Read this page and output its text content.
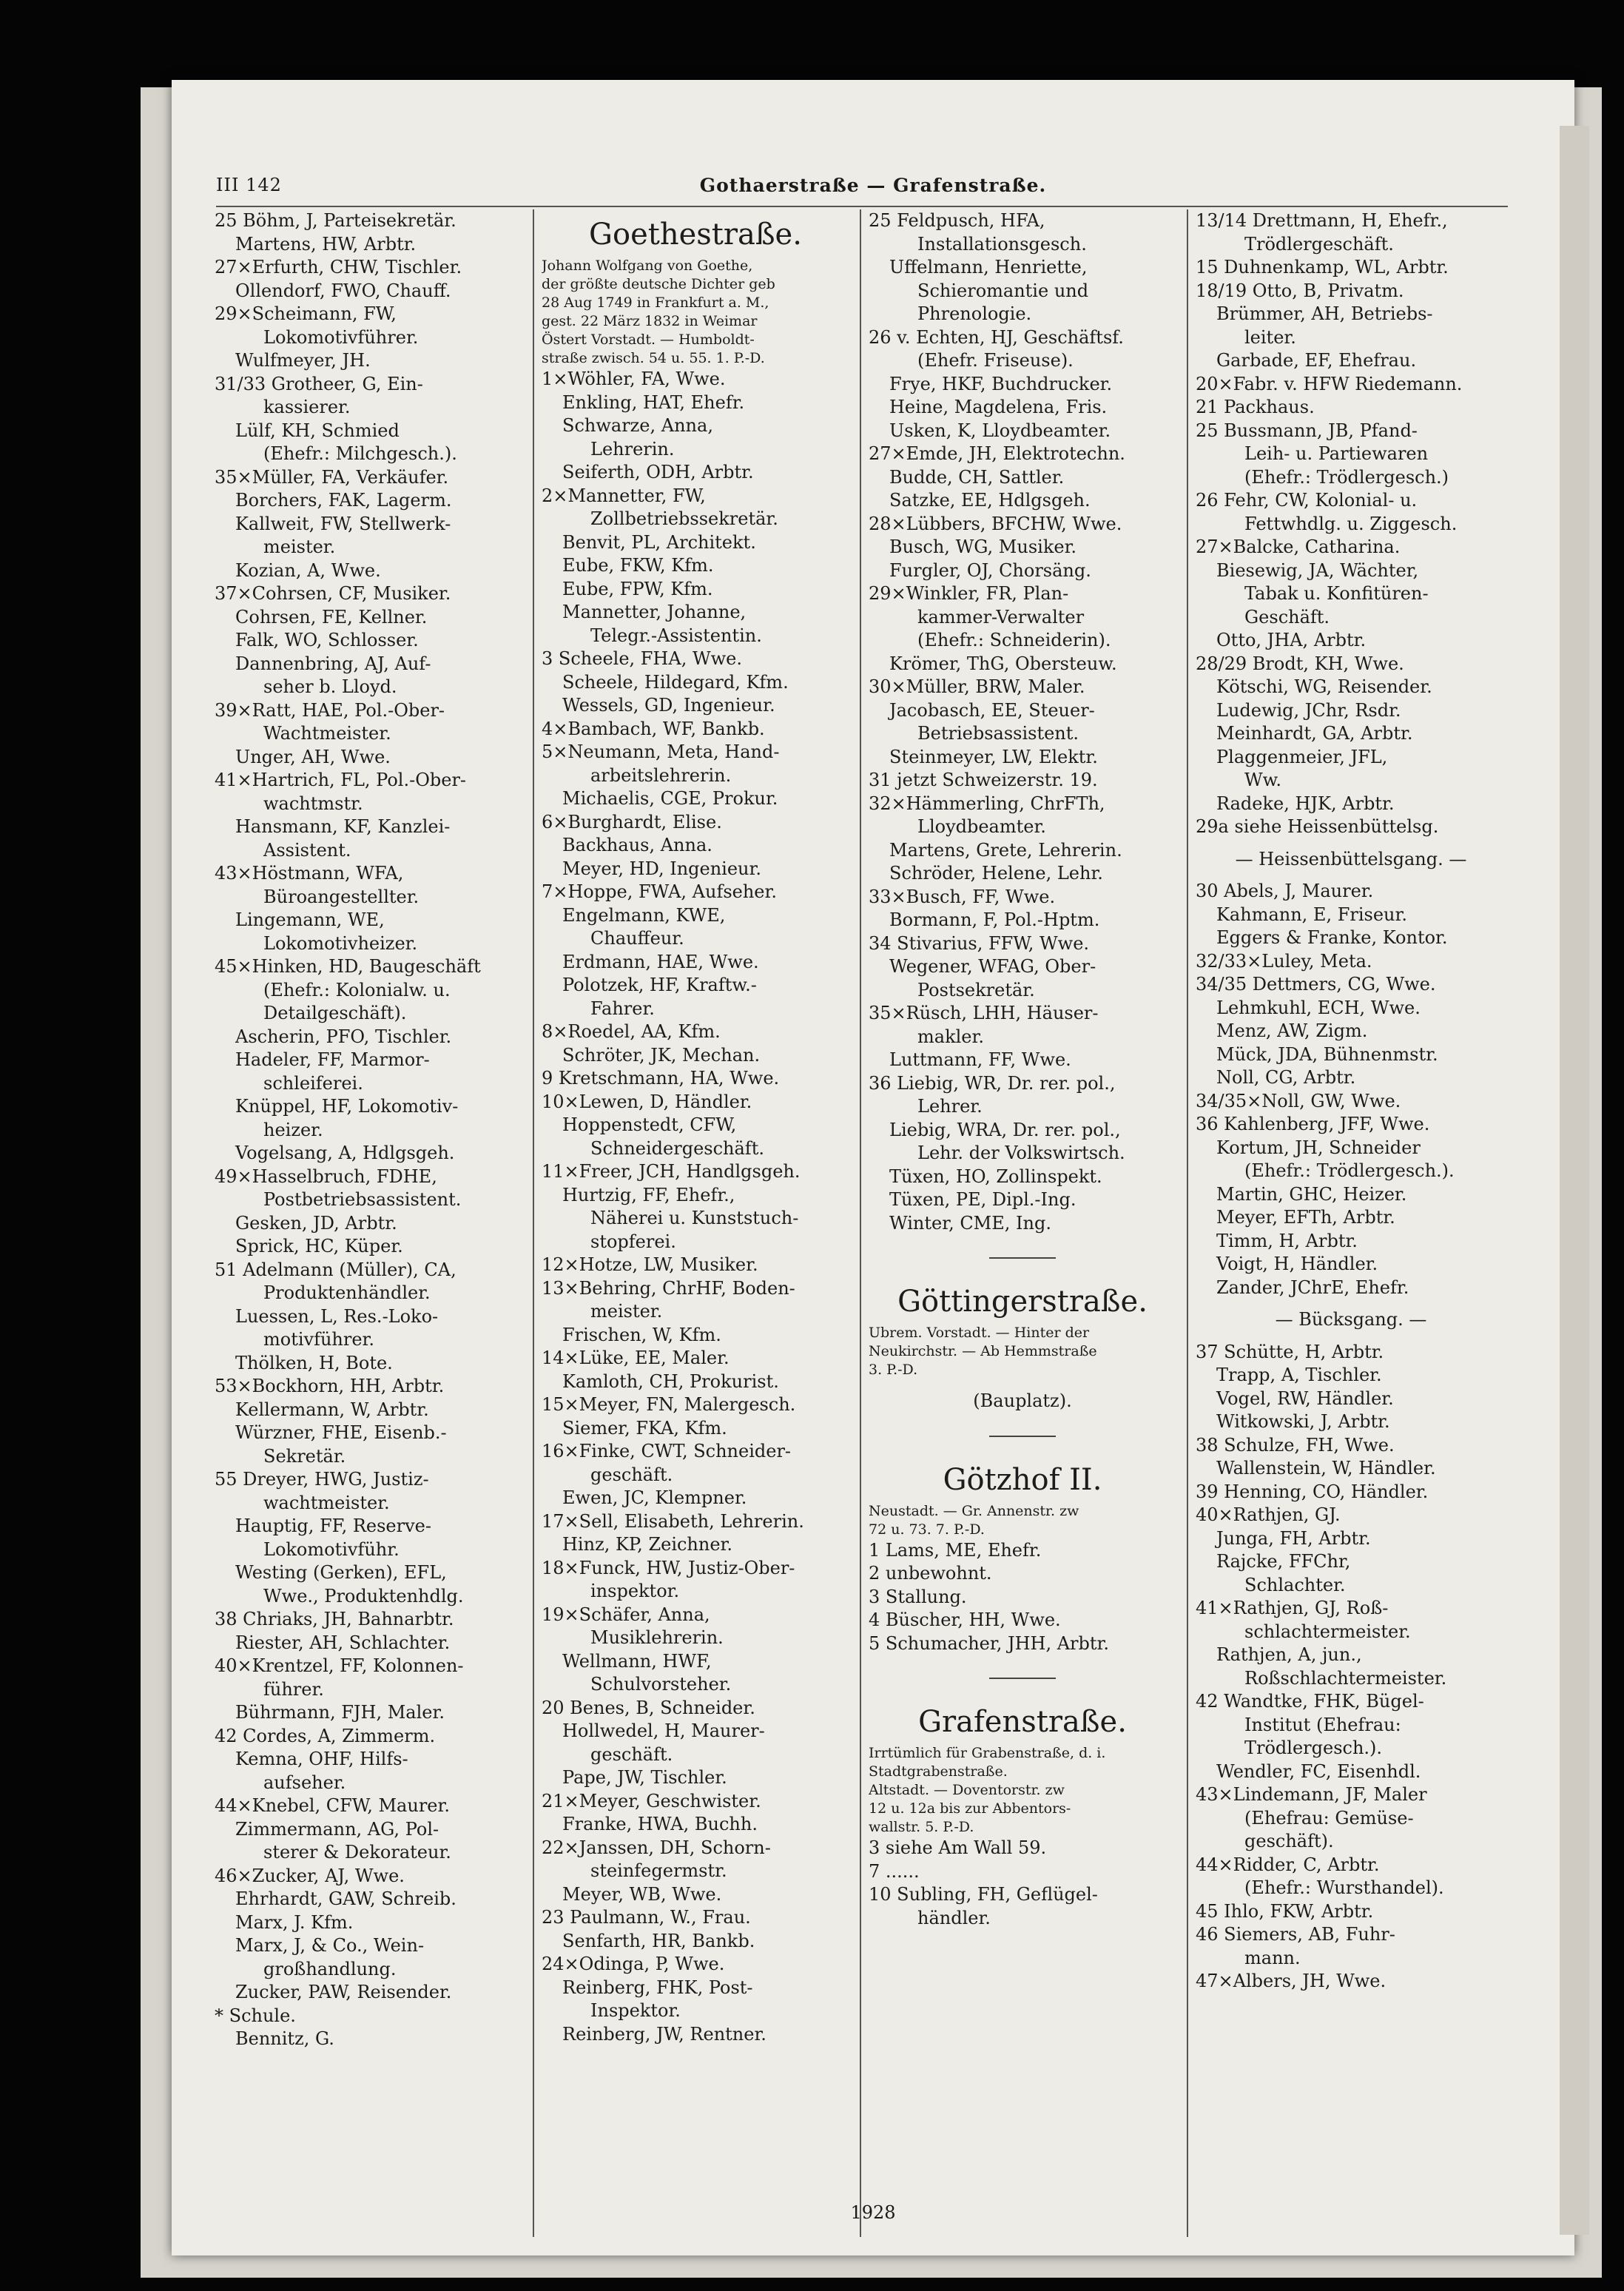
III 142	Gothaerstraße — Grafenstraße.
25 Böhm, J, Parteisekretär.
Martens, HW, Arbtr.
27×Erfurth, CHW, Tischler.
Ollendorf, FWO, Chauff.
29×Scheimann, FW,
Lokomotivführer.
Wulfmeyer, JH.
31/33 Grotheer, G, Ein-
kassierer.
Lülf, KH, Schmied
(Ehefr.: Milchgesch.).
35×Müller, FA, Verkäufer.
Borchers, FAK, Lagerm.
Kallweit, FW, Stellwerk-
meister.
Kozian, A, Wwe.
37×Cohrsen, CF, Musiker.
Cohrsen, FE, Kellner.
Falk, WO, Schlosser.
Dannenbring, AJ, Auf-
seher b. Lloyd.
39×Ratt, HAE, Pol.-Ober-
Wachtmeister.
Unger, AH, Wwe.
41×Hartrich, FL, Pol.-Ober-
wachtmstr.
Hansmann, KF, Kanzlei-
Assistent.
43×Höstmann, WFA,
Büroangestellter.
Lingemann, WE,
Lokomotivheizer.
45×Hinken, HD, Baugeschäft
(Ehefr.: Kolonialw. u.
Detailgeschäft).
Ascherin, PFO, Tischler.
Hadeler, FF, Marmor-
schleiferei.
Knüppel, HF, Lokomotiv-
heizer.
Vogelsang, A, Hdlgsgeh.
49×Hasselbruch, FDHE,
Postbetriebsassistent.
Gesken, JD, Arbtr.
Sprick, HC, Küper.
51 Adelmann (Müller), CA,
Produktenhändler.
Luessen, L, Res.-Loko-
motivführer.
Thölken, H, Bote.
53×Bockhorn, HH, Arbtr.
Kellermann, W, Arbtr.
Würzner, FHE, Eisenb.-
Sekretär.
55 Dreyer, HWG, Justiz-
wachtmeister.
Hauptig, FF, Reserve-
Lokomotivführ.
Westing (Gerken), EFL,
Wwe., Produktenhdlg.
38 Chriaks, JH, Bahnarbtr.
Riester, AH, Schlachter.
40×Krentzel, FF, Kolonnen-
führer.
Bührmann, FJH, Maler.
42 Cordes, A, Zimmerm.
Kemna, OHF, Hilfs-
aufseher.
44×Knebel, CFW, Maurer.
Zimmermann, AG, Pol-
sterer & Dekorateur.
46×Zucker, AJ, Wwe.
Ehrhardt, GAW, Schreib.
Marx, J. Kfm.
Marx, J, & Co., Wein-
großhandlung.
Zucker, PAW, Reisender.
* Schule.
Bennitz, G.
Goethestraße.
Johann Wolfgang von Goethe,
der größte deutsche Dichter geb
28 Aug 1749 in Frankfurt a. M.,
gest. 22 März 1832 in Weimar
Östert Vorstadt. — Humboldt-
straße zwisch. 54 u. 55. 1. P.-D.
1×Wöhler, FA, Wwe.
Enkling, HAT, Ehefr.
Schwarze, Anna,
Lehrerin.
Seiferth, ODH, Arbtr.
2×Mannetter, FW,
Zollbetriebssekretär.
Benvit, PL, Architekt.
Eube, FKW, Kfm.
Eube, FPW, Kfm.
Mannetter, Johanne,
Telegr.-Assistentin.
3 Scheele, FHA, Wwe.
Scheele, Hildegard, Kfm.
Wessels, GD, Ingenieur.
4×Bambach, WF, Bankb.
5×Neumann, Meta, Hand-
arbeitslehrerin.
Michaelis, CGE, Prokur.
6×Burghardt, Elise.
Backhaus, Anna.
Meyer, HD, Ingenieur.
7×Hoppe, FWA, Aufseher.
Engelmann, KWE,
Chauffeur.
Erdmann, HAE, Wwe.
Polotzek, HF, Kraftw.-
Fahrer.
8×Roedel, AA, Kfm.
Schröter, JK, Mechan.
9 Kretschmann, HA, Wwe.
10×Lewen, D, Händler.
Hoppenstedt, CFW,
Schneidergeschäft.
11×Freer, JCH, Handlgsgeh.
Hurtzig, FF, Ehefr.,
Näherei u. Kunststuch-
stopferei.
12×Hotze, LW, Musiker.
13×Behring, ChrHF, Boden-
meister.
Frischen, W, Kfm.
14×Lüke, EE, Maler.
Kamloth, CH, Prokurist.
15×Meyer, FN, Malergesch.
Siemer, FKA, Kfm.
16×Finke, CWT, Schneider-
geschäft.
Ewen, JC, Klempner.
17×Sell, Elisabeth, Lehrerin.
Hinz, KP, Zeichner.
18×Funck, HW, Justiz-Ober-
inspektor.
19×Schäfer, Anna,
Musiklehrerin.
Wellmann, HWF,
Schulvorsteher.
20 Benes, B, Schneider.
Hollwedel, H, Maurer-
geschäft.
Pape, JW, Tischler.
21×Meyer, Geschwister.
Franke, HWA, Buchh.
22×Janssen, DH, Schorn-
steinfegermstr.
Meyer, WB, Wwe.
23 Paulmann, W., Frau.
Senfarth, HR, Bankb.
24×Odinga, P, Wwe.
Reinberg, FHK, Post-
Inspektor.
Reinberg, JW, Rentner.
25 Feldpusch, HFA,
Installationsgesch.
Uffelmann, Henriette,
Schieromantie und
Phrenologie.
26 v. Echten, HJ, Geschäftsf.
(Ehefr. Friseuse).
Frye, HKF, Buchdrucker.
Heine, Magdelena, Fris.
Usken, K, Lloydbeamter.
27×Emde, JH, Elektrotechn.
Budde, CH, Sattler.
Satzke, EE, Hdlgsgeh.
28×Lübbers, BFCHW, Wwe.
Busch, WG, Musiker.
Furgler, OJ, Chorsäng.
29×Winkler, FR, Plan-
kammer-Verwalter
(Ehefr.: Schneiderin).
Krömer, ThG, Obersteuw.
30×Müller, BRW, Maler.
Jacobasch, EE, Steuer-
Betriebsassistent.
Steinmeyer, LW, Elektr.
31 jetzt Schweizerstr. 19.
32×Hämmerling, ChrFTh,
Lloydbeamter.
Martens, Grete, Lehrerin.
Schröder, Helene, Lehr.
33×Busch, FF, Wwe.
Bormann, F, Pol.-Hptm.
34 Stivarius, FFW, Wwe.
Wegener, WFAG, Ober-
Postsekretär.
35×Rüsch, LHH, Häuser-
makler.
Luttmann, FF, Wwe.
36 Liebig, WR, Dr. rer. pol.,
Lehrer.
Liebig, WRA, Dr. rer. pol.,
Lehr. der Volkswirtsch.
Tüxen, HO, Zollinspekt.
Tüxen, PE, Dipl.-Ing.
Winter, CME, Ing.
Göttingerstraße.
Ubrem. Vorstadt. — Hinter der
Neukirchstr. — Ab Hemmstraße
3. P.-D.
(Bauplatz).
Götzhof II.
Neustadt. — Gr. Annenstr. zw
72 u. 73. 7. P.-D.
1 Lams, ME, Ehefr.
2 unbewohnt.
3 Stallung.
4 Büscher, HH, Wwe.
5 Schumacher, JHH, Arbtr.
Grafenstraße.
Irrtümlich für Grabenstraße, d. i.
Stadtgrabenstraße.
Altstadt. — Doventorstr. zw
12 u. 12a bis zur Abbentors-
wallstr. 5. P.-D.
3 siehe Am Wall 59.
7 ......
10 Subling, FH, Geflügel-
händler.
13/14 Drettmann, H, Ehefr.,
Trödlergeschäft.
15 Duhnenkamp, WL, Arbtr.
18/19 Otto, B, Privatm.
Brümmer, AH, Betriebs-
leiter.
Garbade, EF, Ehefrau.
20×Fabr. v. HFW Riedemann.
21 Packhaus.
25 Bussmann, JB, Pfand-
Leih- u. Partiewaren
(Ehefr.: Trödlergesch.)
26 Fehr, CW, Kolonial- u.
Fettwhdlg. u. Ziggesch.
27×Balcke, Catharina.
Biesewig, JA, Wächter,
Tabak u. Konfitüren-
Geschäft.
Otto, JHA, Arbtr.
28/29 Brodt, KH, Wwe.
Kötschi, WG, Reisender.
Ludewig, JChr, Rsdr.
Meinhardt, GA, Arbtr.
Plaggenmeier, JFL,
Ww.
Radeke, HJK, Arbtr.
29a siehe Heissenbüttelsg.
— Heissenbüttelsgang. —
30 Abels, J, Maurer.
Kahmann, E, Friseur.
Eggers & Franke, Kontor.
32/33×Luley, Meta.
34/35 Dettmers, CG, Wwe.
Lehmkuhl, ECH, Wwe.
Menz, AW, Zigm.
Mück, JDA, Bühnenmstr.
Noll, CG, Arbtr.
34/35×Noll, GW, Wwe.
36 Kahlenberg, JFF, Wwe.
Kortum, JH, Schneider
(Ehefr.: Trödlergesch.).
Martin, GHC, Heizer.
Meyer, EFTh, Arbtr.
Timm, H, Arbtr.
Voigt, H, Händler.
Zander, JChrE, Ehefr.
— Bücksgang. —
37 Schütte, H, Arbtr.
Trapp, A, Tischler.
Vogel, RW, Händler.
Witkowski, J, Arbtr.
38 Schulze, FH, Wwe.
Wallenstein, W, Händler.
39 Henning, CO, Händler.
40×Rathjen, GJ.
Junga, FH, Arbtr.
Rajcke, FFChr,
Schlachter.
41×Rathjen, GJ, Roß-
schlachtermeister.
Rathjen, A, jun.,
Roßschlachtermeister.
42 Wandtke, FHK, Bügel-
Institut (Ehefrau:
Trödlergesch.).
Wendler, FC, Eisenhdl.
43×Lindemann, JF, Maler
(Ehefrau: Gemüse-
geschäft).
44×Ridder, C, Arbtr.
(Ehefr.: Wursthandel).
45 Ihlo, FKW, Arbtr.
46 Siemers, AB, Fuhr-
mann.
47×Albers, JH, Wwe.
1928
